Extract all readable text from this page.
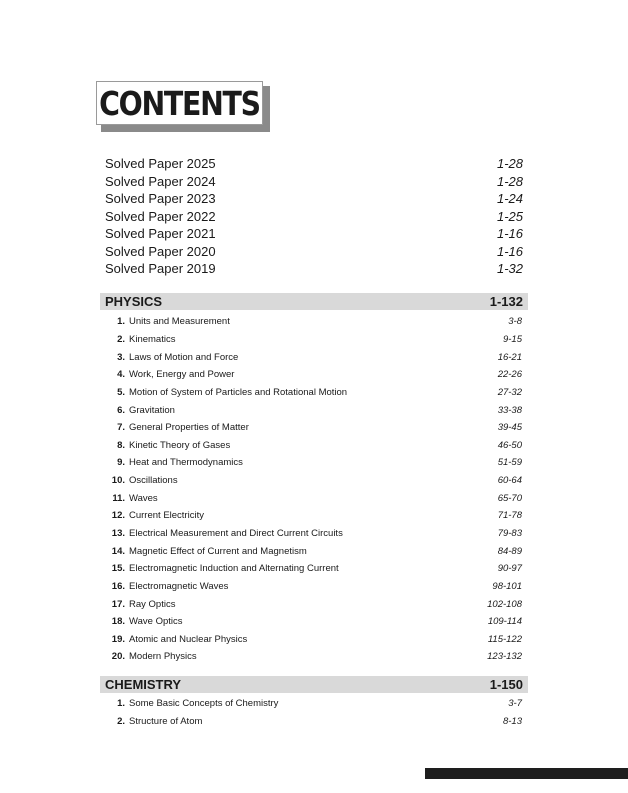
CONTENTS
Solved Paper 2025	1-28
Solved Paper 2024	1-28
Solved Paper 2023	1-24
Solved Paper 2022	1-25
Solved Paper 2021	1-16
Solved Paper 2020	1-16
Solved Paper 2019	1-32
PHYSICS	1-132
1. Units and Measurement	3-8
2. Kinematics	9-15
3. Laws of Motion and Force	16-21
4. Work, Energy and Power	22-26
5. Motion of System of Particles and Rotational Motion	27-32
6. Gravitation	33-38
7. General Properties of Matter	39-45
8. Kinetic Theory of Gases	46-50
9. Heat and Thermodynamics	51-59
10. Oscillations	60-64
11. Waves	65-70
12. Current Electricity	71-78
13. Electrical Measurement and Direct Current Circuits	79-83
14. Magnetic Effect of Current and Magnetism	84-89
15. Electromagnetic Induction and Alternating Current	90-97
16. Electromagnetic Waves	98-101
17. Ray Optics	102-108
18. Wave Optics	109-114
19. Atomic and Nuclear Physics	115-122
20. Modern Physics	123-132
CHEMISTRY	1-150
1. Some Basic Concepts of Chemistry	3-7
2. Structure of Atom	8-13
